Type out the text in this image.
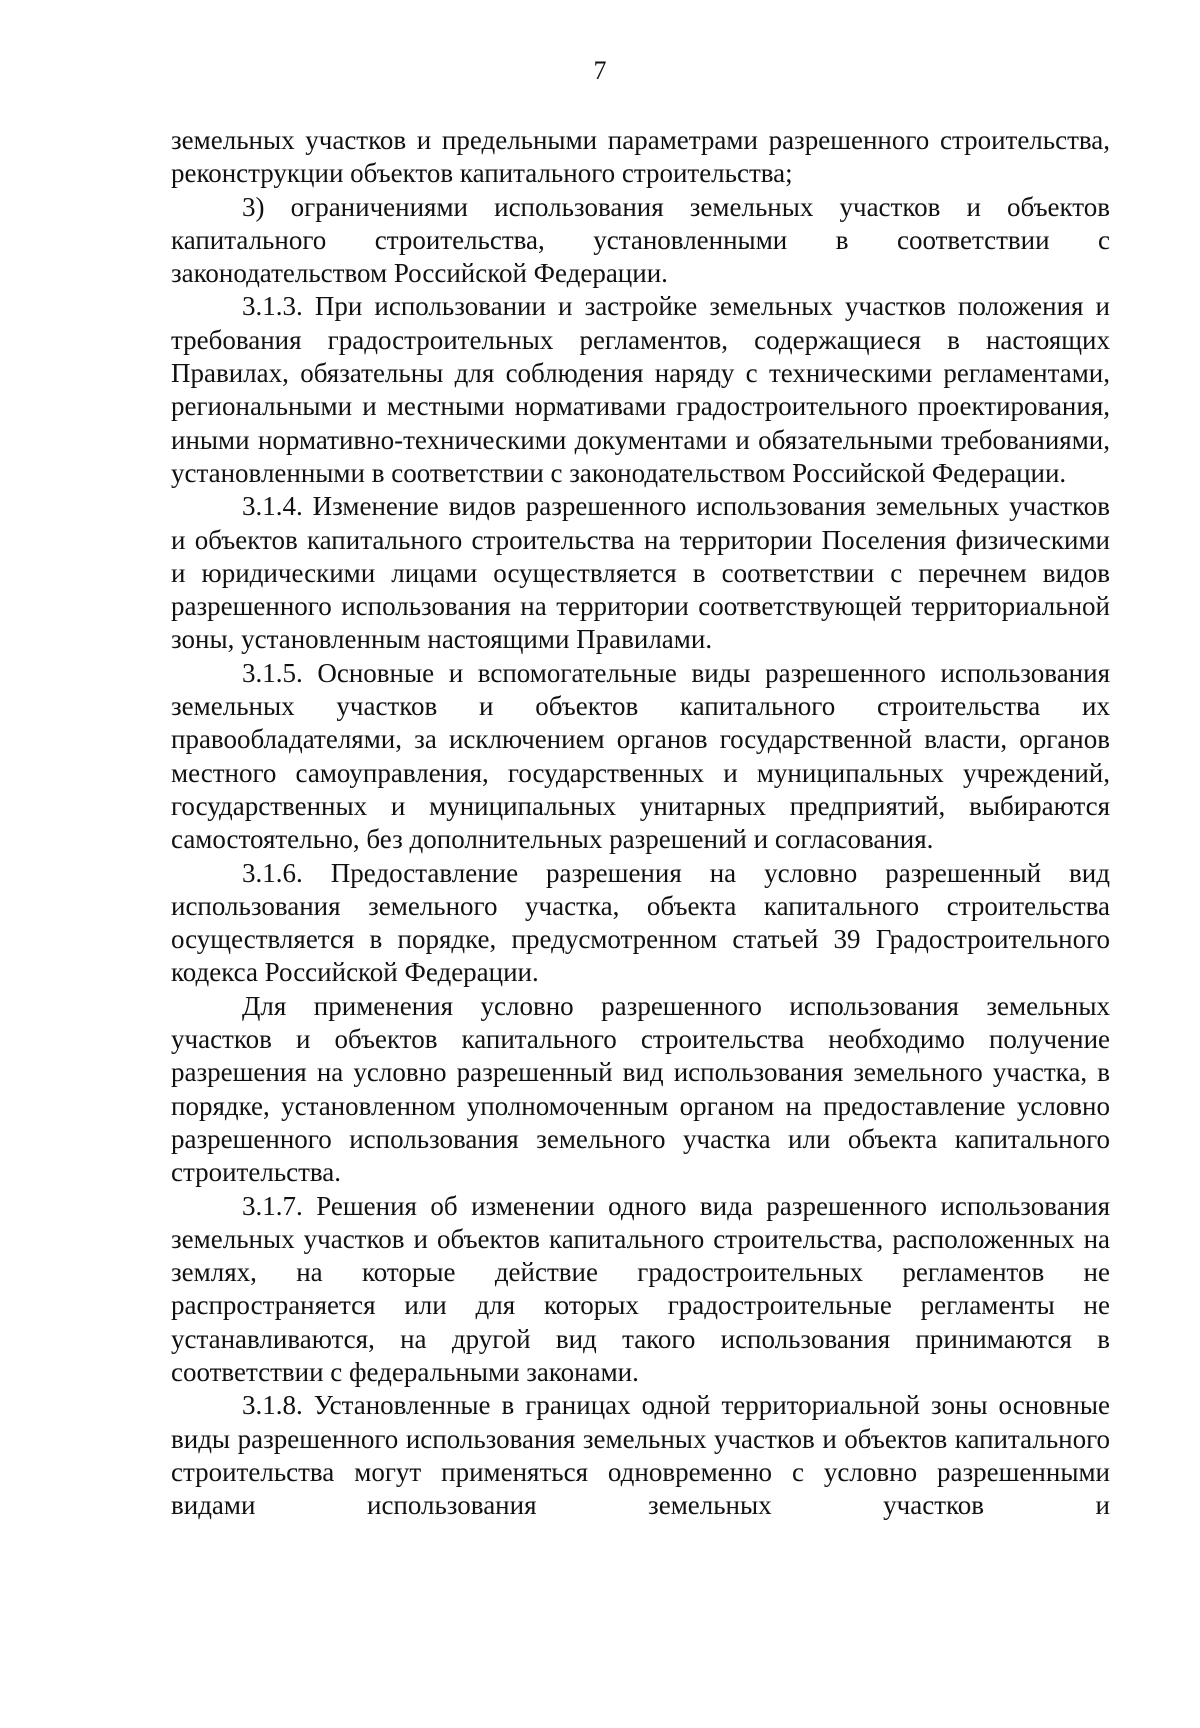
7

земельных участков и предельными параметрами разрешенного строительства, реконструкции объектов капитального строительства;

3) ограничениями использования земельных участков и объектов капитального строительства, установленными в соответствии с законодательством Российской Федерации.

3.1.3. При использовании и застройке земельных участков положения и требования градостроительных регламентов, содержащиеся в настоящих Правилах, обязательны для соблюдения наряду с техническими регламентами, региональными и местными нормативами градостроительного проектирования, иными нормативно-техническими документами и обязательными требованиями, установленными в соответствии с законодательством Российской Федерации.

3.1.4. Изменение видов разрешенного использования земельных участков и объектов капитального строительства на территории Поселения физическими и юридическими лицами осуществляется в соответствии с перечнем видов разрешенного использования на территории соответствующей территориальной зоны, установленным настоящими Правилами.

3.1.5. Основные и вспомогательные виды разрешенного использования земельных участков и объектов капитального строительства их правообладателями, за исключением органов государственной власти, органов местного самоуправления, государственных и муниципальных учреждений, государственных и муниципальных унитарных предприятий, выбираются самостоятельно, без дополнительных разрешений и согласования.

3.1.6. Предоставление разрешения на условно разрешенный вид использования земельного участка, объекта капитального строительства осуществляется в порядке, предусмотренном статьей 39 Градостроительного кодекса Российской Федерации.

Для применения условно разрешенного использования земельных участков и объектов капитального строительства необходимо получение разрешения на условно разрешенный вид использования земельного участка, в порядке, установленном уполномоченным органом на предоставление условно разрешенного использования земельного участка или объекта капитального строительства.

3.1.7. Решения об изменении одного вида разрешенного использования земельных участков и объектов капитального строительства, расположенных на землях, на которые действие градостроительных регламентов не распространяется или для которых градостроительные регламенты не устанавливаются, на другой вид такого использования принимаются в соответствии с федеральными законами.

3.1.8. Установленные в границах одной территориальной зоны основные виды разрешенного использования земельных участков и объектов капитального строительства могут применяться одновременно с условно разрешенными видами использования земельных участков и
